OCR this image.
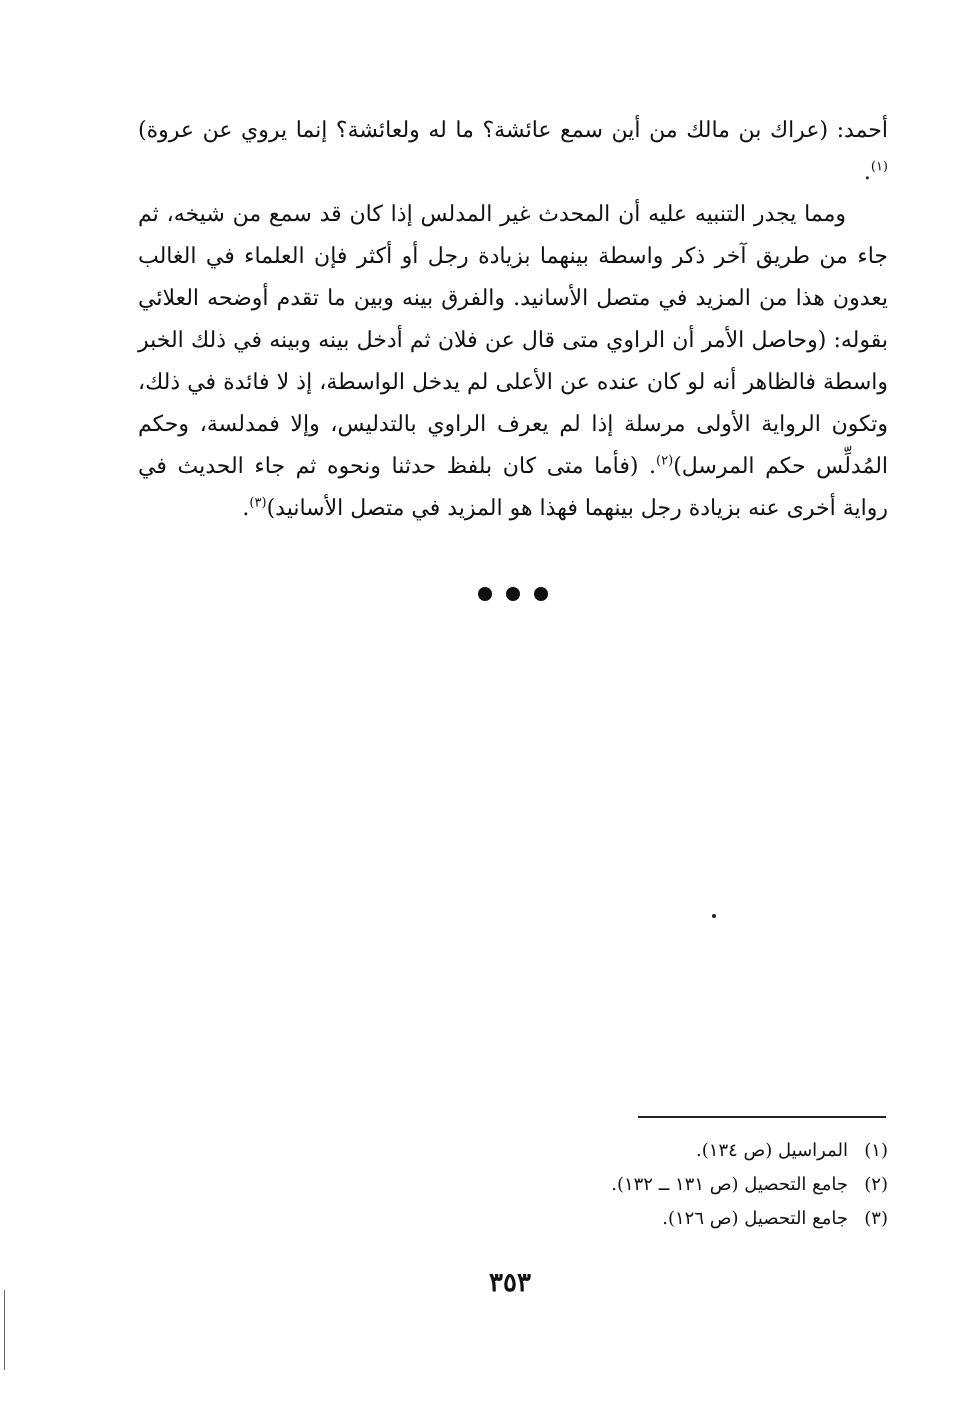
أحمد: (عراك بن مالك من أين سمع عائشة؟ ما له ولعائشة؟ إنما يروي عن عروة)$^{(١)}$.

ومما يجدر التنبيه عليه أن المحدث غير المدلس إذا كان قد سمع من شيخه، ثم جاء من طريق آخر ذكر واسطة بينهما بزيادة رجل أو أكثر فإن العلماء في الغالب يعدون هذا من المزيد في متصل الأسانيد. والفرق بينه وبين ما تقدم أوضحه العلائي بقوله: (وحاصل الأمر أن الراوي متى قال عن فلان ثم أدخل بينه وبينه في ذلك الخبر واسطة فالظاهر أنه لو كان عنده عن الأعلى لم يدخل الواسطة، إذ لا فائدة في ذلك، وتكون الرواية الأولى مرسلة إذا لم يعرف الراوي بالتدليس، وإلا فمدلسة، وحكم المُدلِّس حكم المرسل)$^{(٢)}$. (فأما متى كان بلفظ حدثنا ونحوه ثم جاء الحديث في رواية أخرى عنه بزيادة رجل بينهما فهذا هو المزيد في متصل الأسانيد)$^{(٣)}$.

(١)
المراسيل (ص ١٣٤).
(٢)
جامع التحصيل (ص ١٣١ ــ ١٣٢).
(٣)
جامع التحصيل (ص ١٢٦).
٣٥٣
